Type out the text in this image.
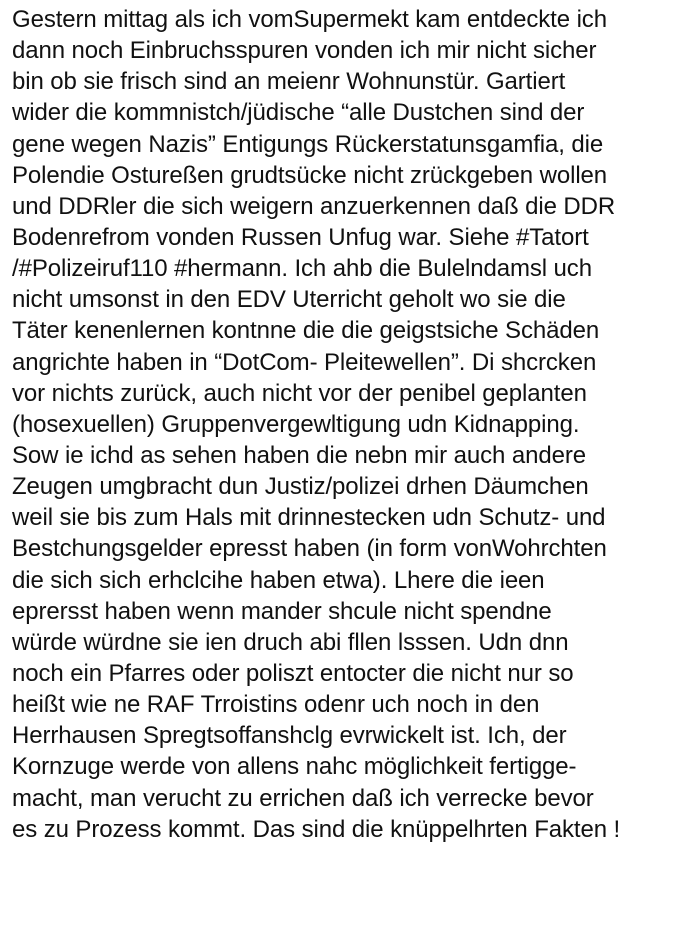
Gestern mittag als ich vomSupermekt kam entdeckte ich
dann noch Einbruchsspuren vonden ich mir nicht sicher
bin ob sie frisch sind an meienr Wohnunstür. Gartiert
wider die kommnistch/jüdische “alle Dustchen sind der
gene wegen Nazis” Entigungs Rückerstatunsgamfia, die
Polendie Ostureßen grudtsücke nicht zrückgeben wollen
und DDRler die sich weigern anzuerkennen daß die DDR
Bodenrefrom vonden Russen Unfug war. Siehe #Tatort
/#Polizeiruf110 #hermann. Ich ahb die Bulelndamsl uch
nicht umsonst in den EDV Uterricht geholt wo sie die
Täter kenenlernen kontnne die die geigstsiche Schäden
angrichte haben in “DotCom- Pleitewellen”. Di shcrcken
vor nichts zurück, auch nicht vor der penibel geplanten
(hosexuellen) Gruppenvergewltigung udn Kidnapping.
Sow ie ichd as sehen haben die nebn mir auch andere
Zeugen umgbracht dun Justiz/polizei drhen Däumchen
weil sie bis zum Hals mit drinnestecken udn Schutz- und
Bestchungsgelder epresst haben (in form vonWohrchten
die sich sich erhclcihe haben etwa). Lhere die ieen
eprersst haben wenn mander shcule nicht spendne
würde würdne sie ien druch abi fllen lsssen. Udn dnn
noch ein Pfarres oder poliszt entocter die nicht nur so
heißt wie ne RAF Trroistins odenr uch noch in den
Herrhausen Spregtsoffanshclg evrwickelt ist. Ich, der
Kornzuge werde von allens nahc möglichkeit fertigge-
macht, man verucht zu errichen daß ich verrecke bevor
es zu Prozess kommt. Das sind die knüppelhrten Fakten !
